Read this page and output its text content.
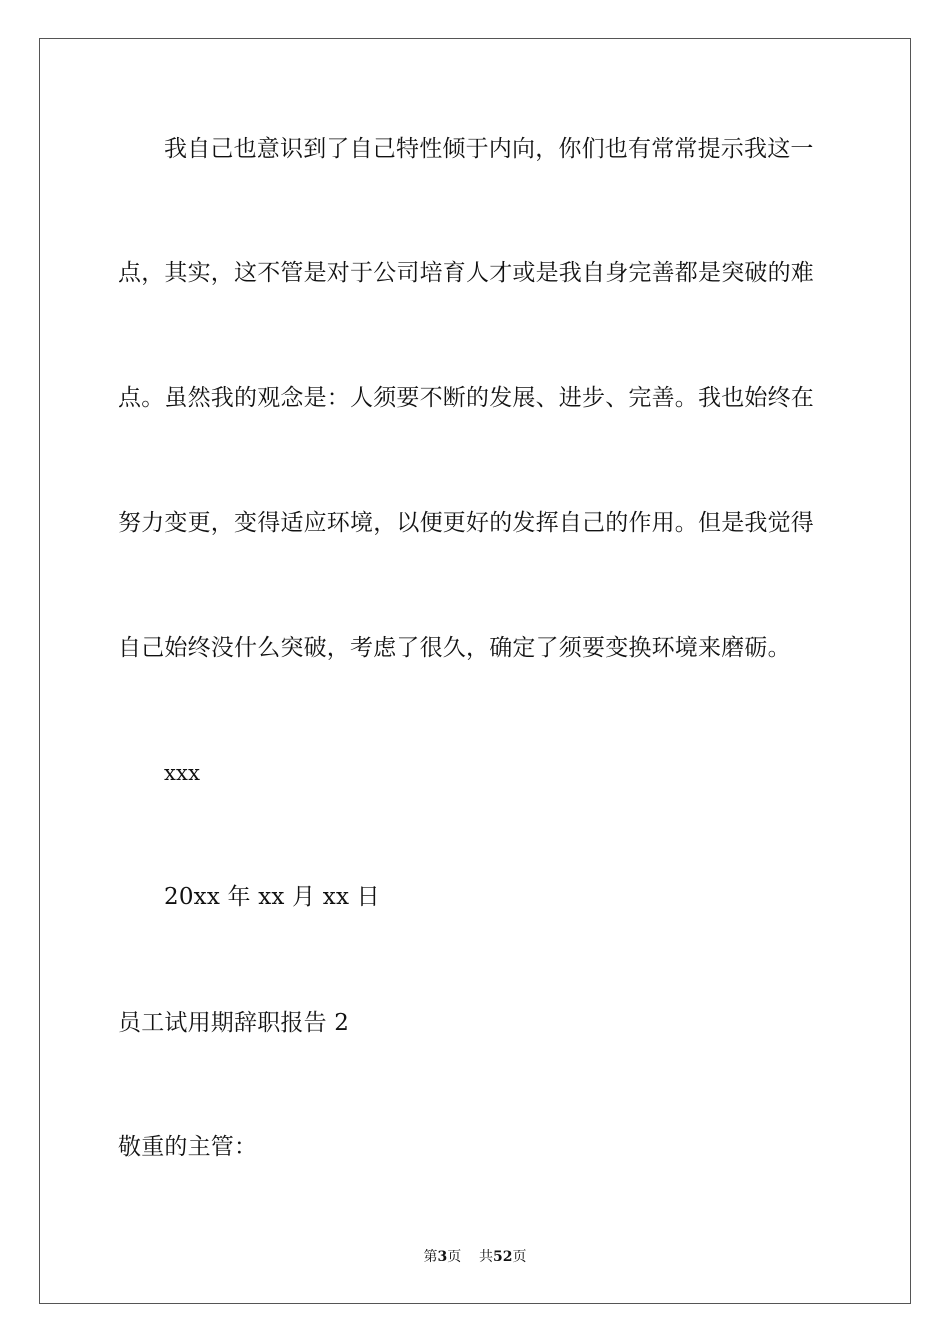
我自己也意识到了自己特性倾于内向，你们也有常常提示我这一
点，其实，这不管是对于公司培育人才或是我自身完善都是突破的难
点。虽然我的观念是：人须要不断的发展、进步、完善。我也始终在
努力变更，变得适应环境，以便更好的发挥自己的作用。但是我觉得
自己始终没什么突破，考虑了很久，确定了须要变换环境来磨砺。
xxx
20xx 年 xx 月 xx 日
员工试用期辞职报告 2
敬重的主管：
第3页 共52页
